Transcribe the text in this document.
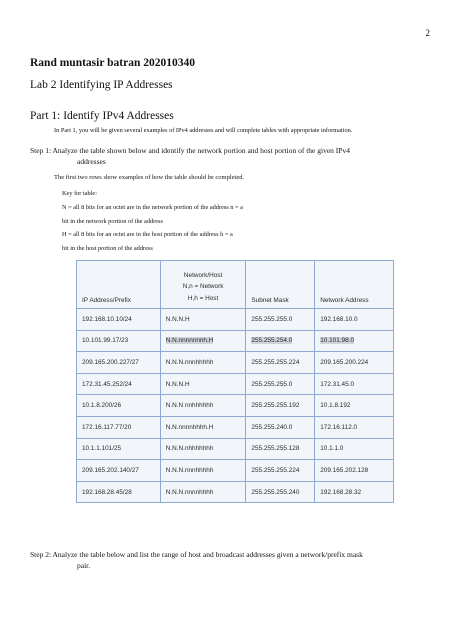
2
Rand muntasir batran 202010340
Lab 2 Identifying IP Addresses
Part 1: Identify IPv4 Addresses
In Part 1, you will be given several examples of IPv4 addresses and will complete tables with appropriate information.
Step 1: Analyze the table shown below and identify the network portion and host portion of the given IPv4
addresses
The first two rows show examples of how the table should be completed.
Key for table:
N = all 8 bits for an octet are in the network portion of the address n = a
bit in the network portion of the address
H = all 8 bits for an octet are in the host portion of the address h = a
bit in the host portion of the address
IP Address/Prefix	Network/Host
N,n = Network
H,h = Host	Subnet Mask	Network Address
192.168.10.10/24	N.N.N.H	255.255.255.0	192.168.10.0
10.101.99.17/23	N.N.nnnnnnnh.H	255.255.254.0	10.101.98.0
209.165.200.227/27	N.N.N.nnnhhhhh	255.255.255.224	209.165.200.224
172.31.45.252/24	N.N.N.H	255.255.255.0	172.31.45.0
10.1.8.200/26	N.N.N nnhhhhhh	255.255.255.192	10.1.8.192
172.16.117.77/20	N.N.nnnnhhhh.H	255.255.240.0	172.16.112.0
10.1.1.101/25	N.N.N.nhhhhhhh	255.255.255.128	10.1.1.0
209.165.202.140/27	N.N.N.nnnhhhhh	255.255.255.224	209.165.202.128
192.168.28.45/28	N.N.N.nnnnhhhh	255.255.255.240	192.168.28.32
Step 2: Analyze the table below and list the range of host and broadcast addresses given a network/prefix mask
pair.
